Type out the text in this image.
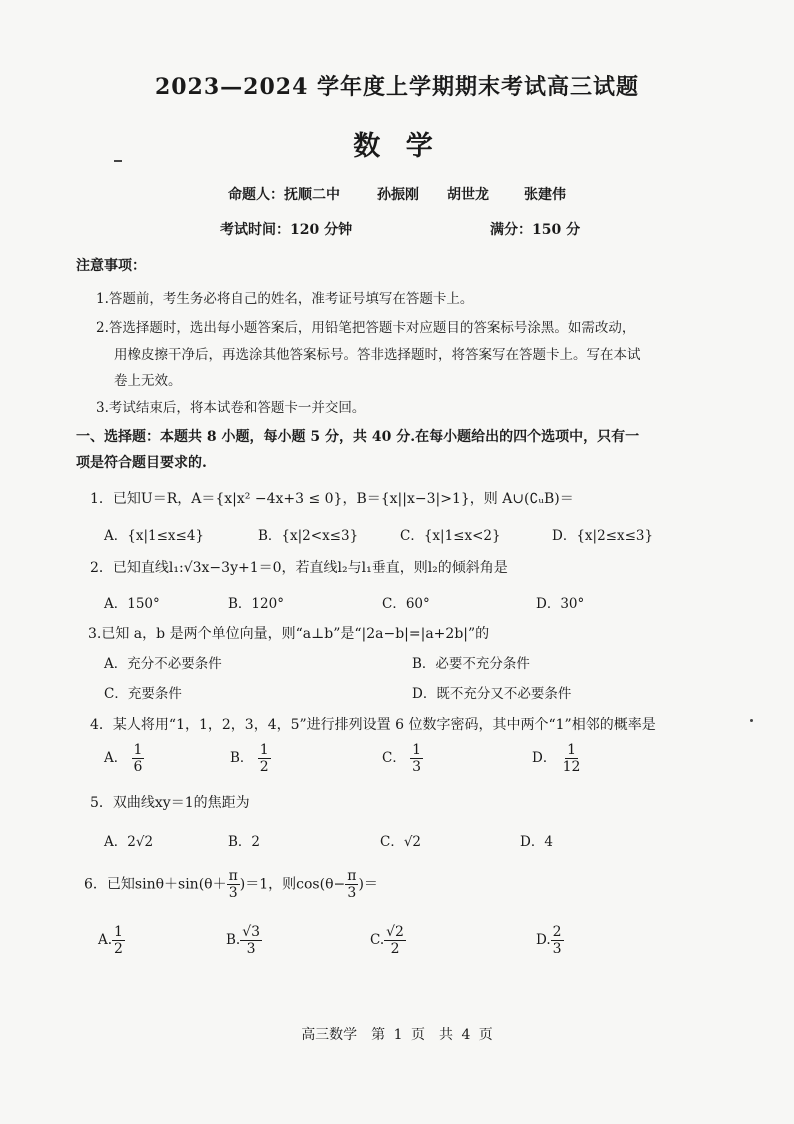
2023—2024 学年度上学期期末考试高三试题
数 学
命题人：抚顺二中	孙振刚 胡世龙	张建伟
考试时间：120 分钟	满分：150 分
注意事项：
1.答题前，考生务必将自己的姓名，准考证号填写在答题卡上。
2.答选择题时，选出每小题答案后，用铅笔把答题卡对应题目的答案标号涂黑。如需改动，
用橡皮擦干净后，再选涂其他答案标号。答非选择题时，将答案写在答题卡上。写在本试
卷上无效。
3.考试结束后，将本试卷和答题卡一并交回。
一、选择题：本题共 8 小题，每小题 5 分，共 40 分.在每小题给出的四个选项中，只有一
项是符合题目要求的.
1．已知U＝R，A＝{x|x² −4x+3 ≤ 0}，B＝{x||x−3|>1}，则 A∪(∁ᵤB)＝
A．{x|1≤x≤4}	B．{x|2<x≤3}	C．{x|1≤x<2}	D．{x|2≤x≤3}
2．已知直线l₁:√3x−3y+1＝0，若直线l₂与l₁垂直，则l₂的倾斜角是
A．150°	B．120°	C．60°	D．30°
3.已知 a，b 是两个单位向量，则“a⊥b”是“|2a−b|=|a+2b|”的
A．充分不必要条件	B．必要不充分条件
C．充要条件	D．既不充分又不必要条件
4．某人将用“1，1，2，3，4，5”进行排列设置 6 位数字密码，其中两个“1”相邻的概率是
A． $\frac{1}{6}$	B． $\frac{1}{2}$	C． $\frac{1}{3}$	D． $\frac{1}{12}$
5．双曲线xy＝1的焦距为
A．2√2	B．2	C．√2	D．4
6．已知$\sin\theta+\sin(\theta+ \frac{\pi}{3} )=1$，则$\cos(\theta- \frac{\pi}{3}$ )＝
A. $\frac{1}{2}$	B. $\frac{√3}{3}$	C. $\frac{√2}{2}$	D. $\frac{2}{3}$
高三数学　第 1 页　共 4 页
